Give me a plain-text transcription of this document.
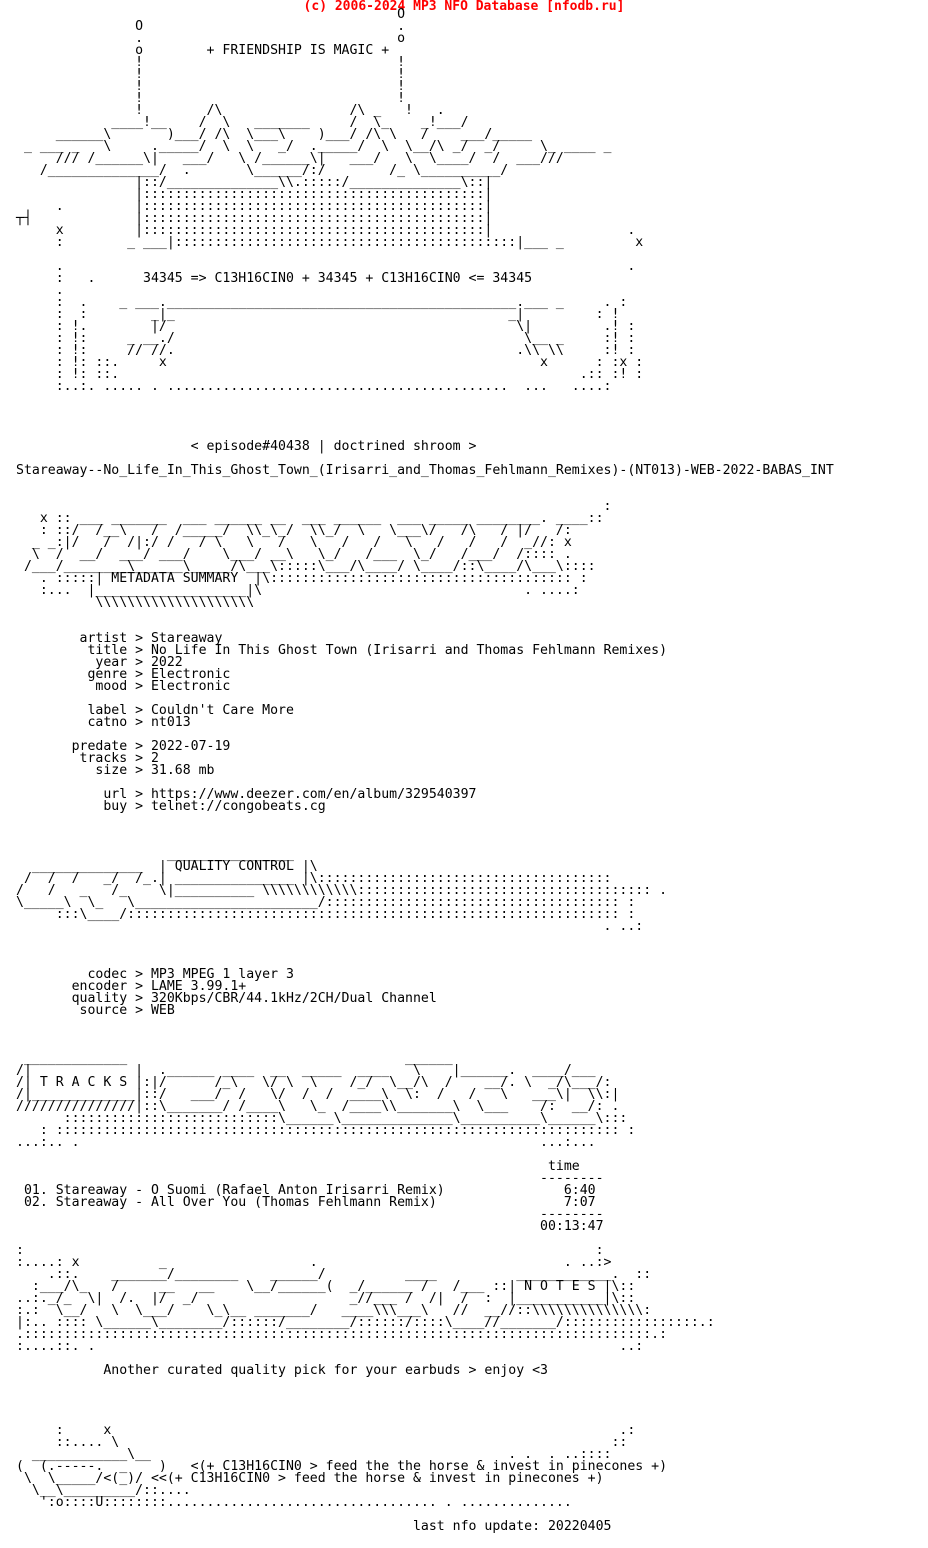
(c) 2006-2024 MP3 NFO Database [nfodb.ru]
O
O                                .
.                                o
o        + FRIENDSHIP IS MAGIC +
!                                !
!                                !
!                                !
!                                !
!        /\                /\ _   !   .
____!__    /  \   _______     /  \_    _!___/
______\       )___/ /\  \___\    )___/ /\ \   /    ___/_____
_ ___ _   \     ._____/  \  \   _/  ._____/  \  \__/\ _/  _/     \_ ____ _
/// /______\|   ___/   \ /______\|   ___/   \  \____/  /  ___///
/______________/  .       \______/:/        /_ \__________/
|::/______________\\.:::::/______________\::|
|:::::::::::::::::::::::::::::::::::::::::::|
.         |:::::::::::::::::::::::::::::::::::::::::::|
┬┤             |:::::::::::::::::::::::::::::::::::::::::::|
x         |:::::::::::::::::::::::::::::::::::::::::::|                 .
:        _ ___|:::::::::::::::::::::::::::::::::::::::::::|___ _         x

.                                                                       .
:   .      34345 => C13H16CIN0 + 34345 + C13H16CIN0 <= 34345
.
:  .    _ ___.____________________________________________.___ _     . :
:  :        _|_                                          _|         : !
: !.        |/                                            \|         .! :
: !:     _ __./                                            \__ _     :! :
: !:     // //.                                           .\\ \\     :! :
: !: ::.     x                                               x      : :x :
: !: ::.                                                          .:: :! :
:..:. ..... . ...........................................  ...   ....:

< episode#40438 | doctrined shroom >

Stareaway--No_Life_In_This_Ghost_Town_(Irisarri_and_Thomas_Fehlmann_Remixes)-(NT013)-WEB-2022-BABAS_INT

:
x :: ___ _______  ___ ______ __  ___ ______  ___ _____ ________. ____::
: ::/  /__\   /  /_____/  \\_\_/  \\_/  \   \___\/   /\   / |/   /:
_ _:|/   /  /|:/ /   / \   \   /   \   /   /   \   /   /   /  _//: x
\  /  __/  ___/ ___/    \___/ __\   \_/   /___  \_/   /___/  /:::: .
/___/________\______\_____/\___\:::::\___/\____/ \____/::\____/\___\::::
. :::::| METADATA SUMMARY  |\:::::::::::::::::::::::::::::::::::::: :
:...  |___________________|\                                 . ....:
\\\\\\\\\\\\\\\\\\\\

artist > Stareaway
title > No Life In This Ghost Town (Irisarri and Thomas Fehlmann Remixes)
year > 2022
genre > Electronic
mood > Electronic

label > Couldn't Care More
catno > nt013

predate > 2022-07-19
tracks > 2
size > 31.68 mb

url > https://www.deezer.com/en/album/329540397
buy > telnet://congobeats.cg

________________
______________  | QUALITY CONTROL |\
/  /  /   _/  /_.| _______________ |\:::::::::::::::::::::::::::::::::::::
/   /   _   /_    \|__________ \\\\\\\\\\\\::::::::::::::::::::::::::::::::::::: .
\_____\  \_   \_______________________/::::::::::::::::::::::::::::::::::::: :
:::\____/:::::::::::::::::::::::::::::::::::::::::::::::::::::::::::::: :
. ..:

codec > MP3 MPEG 1 layer 3
encoder > LAME 3.99.1+
quality > 320Kbps/CBR/44.1kHz/2CH/Dual Channel
source > WEB

_____________                                   ______
/|             |  .______ ____  __  _____  ____   \    |______.  ____/___
/| T R A C K S |:|/      /_\   \/ \  \    /_/  \__/\  /    __/. \  _/\___/:
/|_____________|::/   ___/  /   \/  /  /  ____\  \:  /   /   \   ___\|  \\:|
///////////////|::\_______/ /____\   \_  /____\\_______\  \___    /:  __/: .
:::::::::::::::::::::::::::\______\______________\__________\______\:::
: ::::::::::::::::::::::::::::::::::::::::::::::::::::::::::::::::::::::: :
...:.. .                                                          ...:...

time
--------
01. Stareaway - O Suomi (Rafael Anton Irisarri Remix)               6:40
02. Stareaway - All Over You (Thomas Fehlmann Remix)                7:07
--------
00:13:47

:                                                                        :
:....: x          _                  .                               . ..:>
.::.    _______/________    ______/          ____          ____________.  ::
:___/\_   /     __   __    \__/______(  _/______ /   /___ ::| N O T E S |\::
..:._/_  \|  /.  |/  _/                   _//___ /  /|  /  :  |___________|\::
:.:  \__/   \  \___/    \_\__ _______/   ____\\\___\   //  __//::\\\\\\\\\\\\\\:
|:.. :::: \______\________/::::::/________/::::::/::::\____//_______/:::::::::::::::::.:
.:::::::::::::::::::::::::::::::::::::::::::::::::::::::::::::::::::::::::::::::.:
:....::. .                                                                  ..:

Another curated quality pick for your earbuds > enjoy <3

:     x                                                                .:
::.... \                                                              ::
____________\__                                             . .  . ..::::
(  (.-----.  _    )   <(+ C13H16CIN0 > feed the the horse & invest in pinecones +)
\  \_____/<(_)/ <<(+ C13H16CIN0 > feed the horse & invest in pinecones +)
\__\_________/::....
':o::::U::::::::.................................. . ..............

last nfo update: 20220405
